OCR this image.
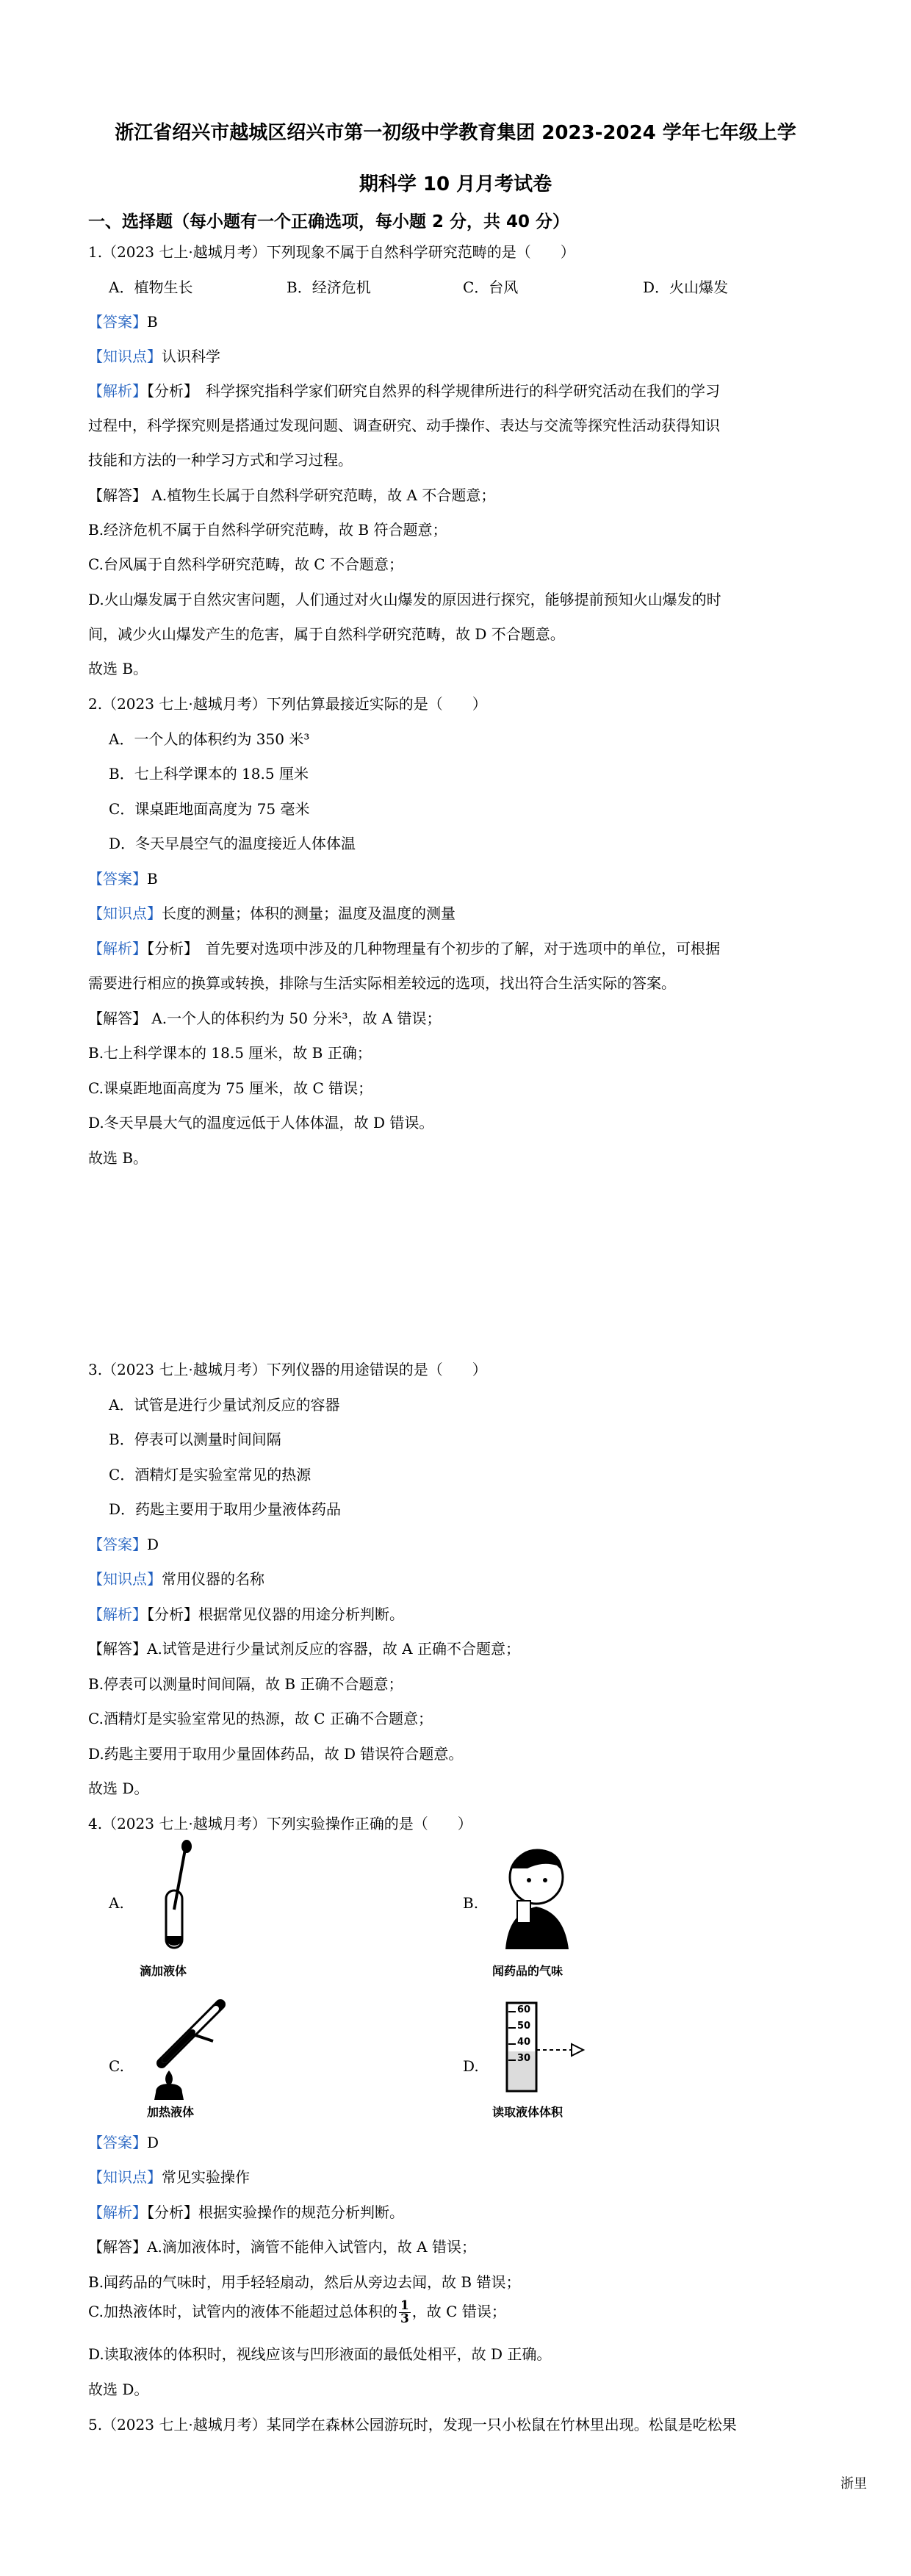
浙江省绍兴市越城区绍兴市第一初级中学教育集团 2023-2024 学年七年级上学
期科学 10 月月考试卷
一、选择题（每小题有一个正确选项，每小题 2 分，共 40 分）
1.（2023 七上·越城月考）下列现象不属于自然科学研究范畴的是（　　）
A．植物生长	B．经济危机	C．台风	D．火山爆发
【答案】B
【知识点】认识科学
【解析】【分析】　科学探究指科学家们研究自然界的科学规律所进行的科学研究活动在我们的学习
过程中，科学探究则是搭通过发现问题、调查研究、动手操作、表达与交流等探究性活动获得知识
技能和方法的一种学习方式和学习过程。
【解答】 A.植物生长属于自然科学研究范畴，故 A 不合题意；
B.经济危机不属于自然科学研究范畴，故 B 符合题意；
C.台风属于自然科学研究范畴，故 C 不合题意；
D.火山爆发属于自然灾害问题，人们通过对火山爆发的原因进行探究，能够提前预知火山爆发的时
间，减少火山爆发产生的危害，属于自然科学研究范畴，故 D 不合题意。
故选 B。
2.（2023 七上·越城月考）下列估算最接近实际的是（　　）
A．一个人的体积约为 350 米³
B．七上科学课本的 18.5 厘米
C．课桌距地面高度为 75 毫米
D．冬天早晨空气的温度接近人体体温
【答案】B
【知识点】长度的测量；体积的测量；温度及温度的测量
【解析】【分析】　首先要对选项中涉及的几种物理量有个初步的了解，对于选项中的单位，可根据
需要进行相应的换算或转换，排除与生活实际相差较远的选项，找出符合生活实际的答案。
【解答】 A.一个人的体积约为 50 分米³，故 A 错误；
B.七上科学课本的 18.5 厘米，故 B 正确；
C.课桌距地面高度为 75 厘米，故 C 错误；
D.冬天早晨大气的温度远低于人体体温，故 D 错误。
故选 B。
3.（2023 七上·越城月考）下列仪器的用途错误的是（　　）
A．试管是进行少量试剂反应的容器
B．停表可以测量时间间隔
C．酒精灯是实验室常见的热源
D．药匙主要用于取用少量液体药品
【答案】D
【知识点】常用仪器的名称
【解析】【分析】根据常见仪器的用途分析判断。
【解答】A.试管是进行少量试剂反应的容器，故 A 正确不合题意；
B.停表可以测量时间间隔，故 B 正确不合题意；
C.酒精灯是实验室常见的热源，故 C 正确不合题意；
D.药匙主要用于取用少量固体药品，故 D 错误符合题意。
故选 D。
4.（2023 七上·越城月考）下列实验操作正确的是（　　）
A.
滴加液体
B.
闻药品的气味
C.
加热液体
D.
60
50
40
30
读取液体体积
【答案】D
【知识点】常见实验操作
【解析】【分析】根据实验操作的规范分析判断。
【解答】A.滴加液体时，滴管不能伸入试管内，故 A 错误；
B.闻药品的气味时，用手轻轻扇动，然后从旁边去闻，故 B 错误；
C.加热液体时，试管内的液体不能超过总体积的 $\frac{1}{3}$ ，故 C 错误；
D.读取液体的体积时，视线应该与凹形液面的最低处相平，故 D 正确。
故选 D。
5.（2023 七上·越城月考）某同学在森林公园游玩时，发现一只小松鼠在竹林里出现。松鼠是吃松果
浙里
